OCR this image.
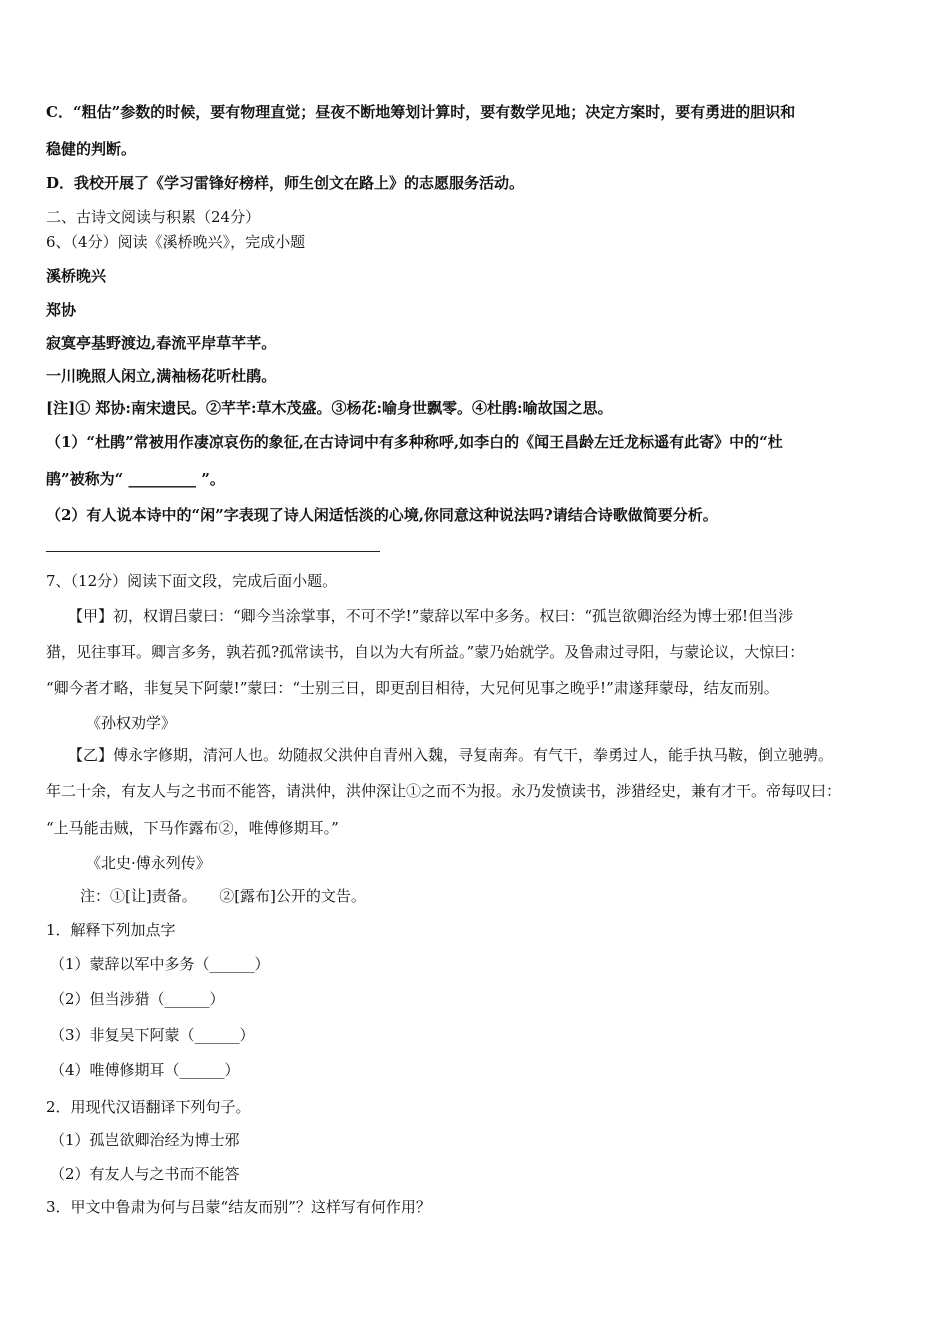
C．“粗估”参数的时候，要有物理直觉；昼夜不断地筹划计算时，要有数学见地；决定方案时，要有勇进的胆识和
稳健的判断。
D．我校开展了《学习雷锋好榜样，师生创文在路上》的志愿服务活动。
二、古诗文阅读与积累（24分）
6、（4分）阅读《溪桥晚兴》，完成小题
溪桥晚兴
郑协
寂寞亭基野渡边,春流平岸草芊芊。
一川晚照人闲立,满袖杨花听杜鹃。
[注]① 郑协:南宋遗民。②芊芊:草木茂盛。③杨花:喻身世飘零。④杜鹃:喻故国之思。
（1）“杜鹃”常被用作凄凉哀伤的象征,在古诗词中有多种称呼,如李白的《闻王昌龄左迁龙标遥有此寄》中的“杜
鹃”被称为“ _________ ”。
（2）有人说本诗中的“闲”字表现了诗人闲适恬淡的心境,你同意这种说法吗?请结合诗歌做简要分析。
7、（12分）阅读下面文段，完成后面小题。
【甲】初，权谓吕蒙曰：“卿今当涂掌事，不可不学!”蒙辞以军中多务。权曰：“孤岂欲卿治经为博士邪!但当涉
猎，见往事耳。卿言多务，孰若孤?孤常读书，自以为大有所益。”蒙乃始就学。及鲁肃过寻阳，与蒙论议，大惊曰：
“卿今者才略，非复吴下阿蒙!”蒙曰：“士别三日，即更刮目相待，大兄何见事之晚乎!”肃遂拜蒙母，结友而别。
《孙权劝学》
【乙】傅永字修期，清河人也。幼随叔父洪仲自青州入魏，寻复南奔。有气干，拳勇过人，能手执马鞍，倒立驰骋。
年二十余，有友人与之书而不能答，请洪仲，洪仲深让①之而不为报。永乃发愤读书，涉猎经史，兼有才干。帝每叹曰：
“上马能击贼，下马作露布②，唯傅修期耳。”
《北史·傅永列传》
注：①[让]责备。　　②[露布]公开的文告。
1．解释下列加点字
（1）蒙辞以军中多务（______）
（2）但当涉猎（______）
（3）非复吴下阿蒙（______）
（4）唯傅修期耳（______）
2．用现代汉语翻译下列句子。
（1）孤岂欲卿治经为博士邪
（2）有友人与之书而不能答
3．甲文中鲁肃为何与吕蒙“结友而别”？这样写有何作用？
